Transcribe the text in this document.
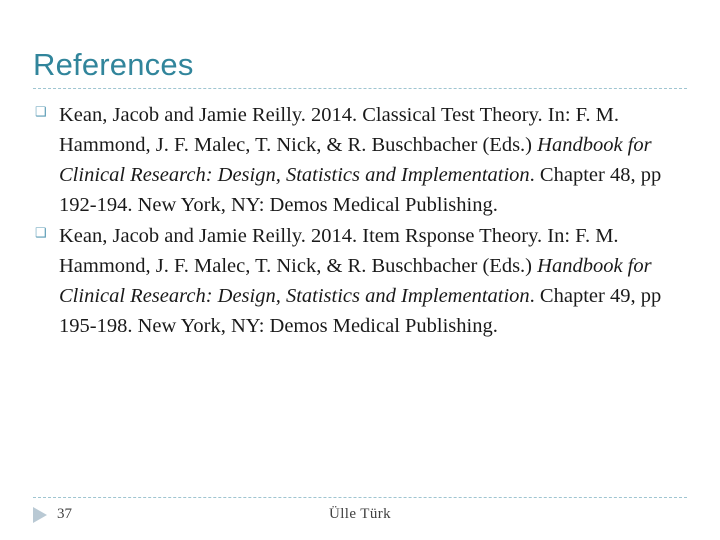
References
❑ Kean, Jacob and Jamie Reilly. 2014. Classical Test Theory. In: F. M. Hammond, J. F. Malec, T. Nick, & R. Buschbacher (Eds.) Handbook for Clinical Research: Design, Statistics and Implementation. Chapter 48, pp 192-194. New York, NY: Demos Medical Publishing.
❑ Kean, Jacob and Jamie Reilly. 2014. Item Rsponse Theory. In: F. M. Hammond, J. F. Malec, T. Nick, & R. Buschbacher (Eds.) Handbook for Clinical Research: Design, Statistics and Implementation. Chapter 49, pp 195-198. New York, NY: Demos Medical Publishing.
37	Ülle Türk
